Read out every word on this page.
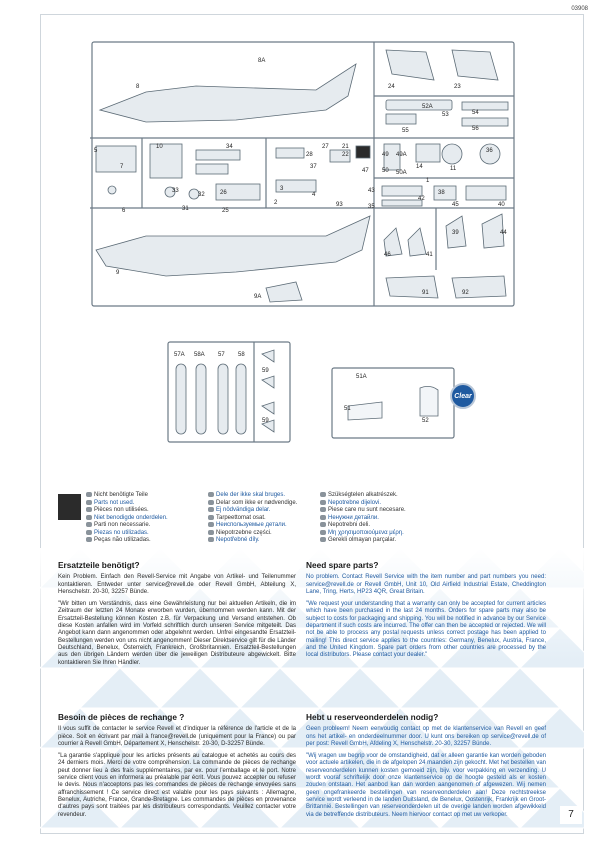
03908
8A
8	24	23
52A
53	54
55	56
5
10	34
28
27 21
22
37
47
49 49A
50 50A
14	11
36
7
33
32
6	31
26
3
4
93
25
2
43
35
38
45	40
42
1
39	44
46	41
9
9A
91	92
57A 58A 57 58
59
59
51A
51
52
Clear
Nicht benötigte Teile
Parts not used.
Pièces non utilisées.
Niet benodigde onderdelen.
Parti non necessarie.
Piezas no utilizadas.
Peças não utilizadas.
Dele der ikke skal bruges.
Delar som ikke er nødvendige.
Ej nödvändiga delar.
Tarpeettomat osat.
Неиспользуемые детали.
Niepotrzebne części.
Nepotřebné díly.
Szükségtelen alkatrészek.
Nepotrebne dijelovi.
Piese care nu sunt necesare.
Ненужни детайли.
Nepotrebni deli.
Μη χρησιμοποιούμενα μέρη.
Gerekli olmayan parçalar.
Ersatzteile benötigt?

Kein Problem. Einfach den Revell-Service mit Angabe von Artikel- und Teilenummer kontaktieren. Entweder unter service@revell.de oder Revell GmbH, Abteilung X, Henschelstr. 20-30, 32257 Bünde.

"Wir bitten um Verständnis, dass eine Gewährleistung nur bei aktuellen Artikeln, die im Zeitraum der letzten 24 Monate erworben wurden, übernommen werden kann. Mit der Ersatzteil-Bestellung können Kosten z.B. für Verpackung und Versand entstehen. Ob diese Kosten anfallen wird im Vorfeld schriftlich durch unseren Service mitgeteilt. Das Angebot kann dann angenommen oder abgelehnt werden. Unfrei eingesandte Ersatzteil-Bestellungen werden von uns nicht angenommen! Dieser Direktservice gilt für die Länder Deutschland, Benelux, Österreich, Frankreich, Großbritannien. Ersatzteil-Bestellungen aus den übrigen Ländern werden über die jeweiligen Distributeure abgewickelt. Bitte kontaktieren Sie Ihren Händler.

Besoin de pièces de rechange ?

Il vous suffit de contacter le service Revell et d'indiquer la référence de l'article et de la pièce. Soit en écrivant par mail à france@revell.de (uniquement pour la France) ou par courrier à Revell GmbH, Département X, Henschelstr. 20-30, D-32257 Bünde.

"La garantie s'applique pour les articles présents au catalogue et achetés au cours des 24 derniers mois. Merci de votre compréhension. La commande de pièces de rechange peut donner lieu à des frais supplémentaires, par ex. pour l'emballage et le port. Notre service client vous en informera au préalable par écrit. Vous pouvez accepter ou refuser le devis. Nous n'acceptons pas les commandes de pièces de rechange envoyées sans affranchissement ! Ce service direct est valable pour les pays suivants : Allemagne, Benelux, Autriche, France, Grande-Bretagne. Les commandes de pièces en provenance d'autres pays sont traitées par les distributeurs correspondants. Veuillez contacter votre revendeur.

Need spare parts?

No problem. Contact Revell Service with the item number and part numbers you need: service@revell.de or Revell GmbH, Unit 10, Old Airfield Industrial Estate, Cheddington Lane, Tring, Herts, HP23 4QR, Great Britain.

"We request your understanding that a warranty can only be accepted for current articles which have been purchased in the last 24 months. Orders for spare parts may also be subject to costs for packaging and shipping. You will be notified in advance by our Service department if such costs are incurred. The offer can then be accepted or rejected. We will not be able to process any postal requests unless correct postage has been applied to mailing! This direct service applies to the countries: Germany, Benelux, Austria, France, and the United Kingdom. Spare part orders from other countries are processed by the local distributors. Please contact your dealer."

Hebt u reserveonderdelen nodig?

Geen probleem! Neem eenvoudig contact op met de klantenservice van Revell en geef ons het artikel- en onderdeelnummer door. U kunt ons bereiken op service@revell.de of per post: Revell GmbH, Afdeling X, Henschelstr. 20-30, 32257 Bünde.

"Wij vragen uw begrip voor de omstandigheid, dat er alleen garantie kan worden geboden voor actuele artikelen, die in de afgelopen 24 maanden zijn gekocht. Met het bestellen van reserveonderdelen kunnen kosten gemoeid zijn, bijv. voor verpakking en verzending. U wordt vooraf schriftelijk door onze klantenservice op de hoogte gesteld als er kosten zouden ontstaan. Het aanbod kan dan worden aangenomen of afgewezen. Wij nemen geen ongefrankeerde bestellingen van reserveonderdelen aan! Deze rechtstreekse service wordt verleend in de landen Duitsland, de Benelux, Oostenrijk, Frankrijk en Groot-Brittannië. Bestellingen van reserveonderdelen uit de overige landen worden afgewikkeld via de betreffende distributeurs. Neem hiervoor contact op met uw verkoper.	7
